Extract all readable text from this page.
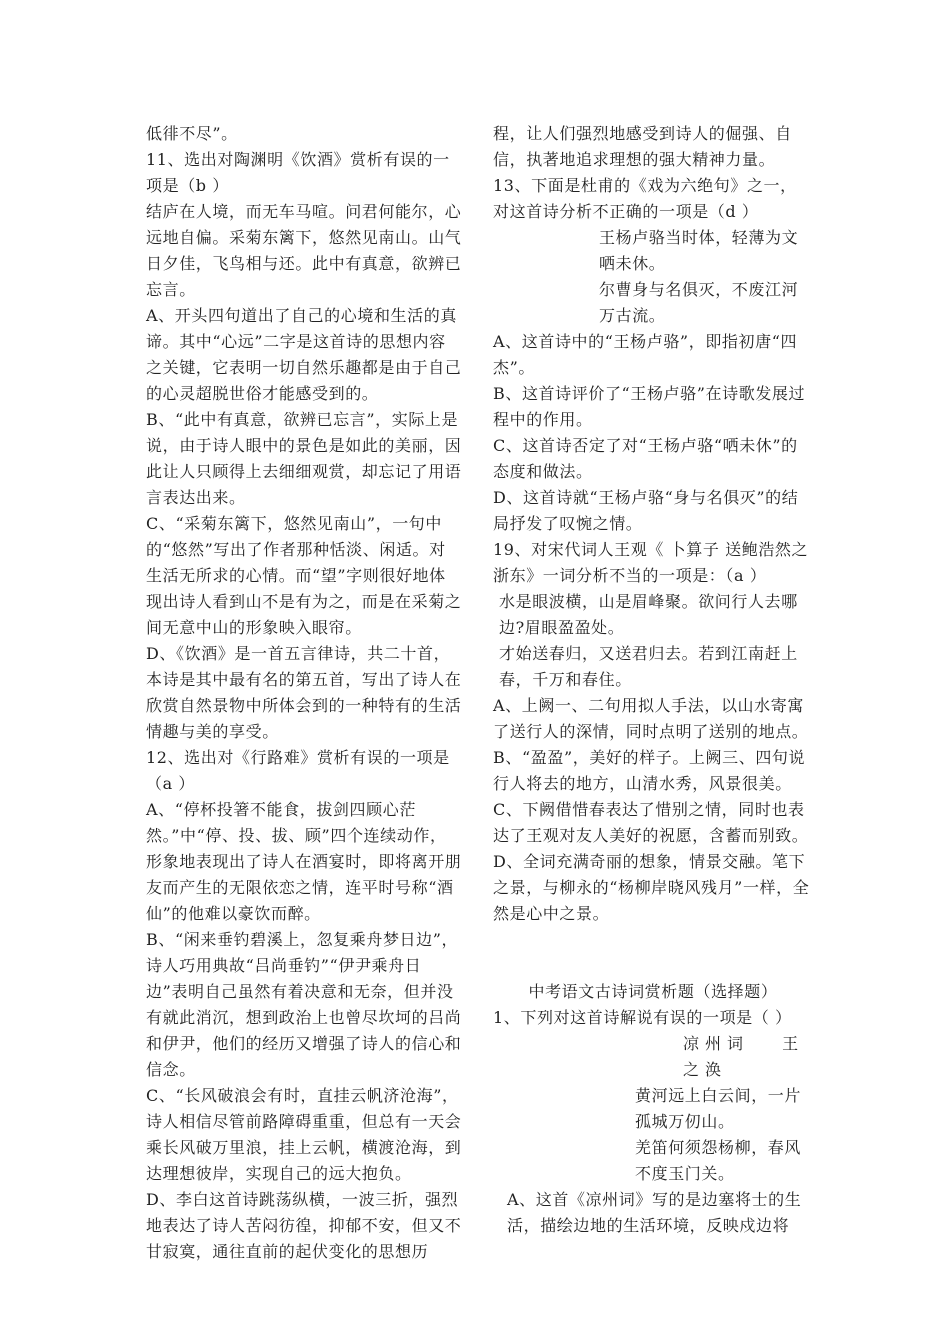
低徘不尽”。

11、选出对陶渊明《饮酒》赏析有误的一项是（b ）

结庐在人境，而无车马喧。问君何能尔，心远地自偏。采菊东篱下，悠然见南山。山气日夕佳，飞鸟相与还。此中有真意，欲辨已忘言。

A、开头四句道出了自己的心境和生活的真谛。其中“心远”二字是这首诗的思想内容之关键，它表明一切自然乐趣都是由于自己的心灵超脱世俗才能感受到的。

B、“此中有真意，欲辨已忘言”，实际上是说，由于诗人眼中的景色是如此的美丽，因此让人只顾得上去细细观赏，却忘记了用语言表达出来。

C、“采菊东篱下，悠然见南山”，一句中的“悠然”写出了作者那种恬淡、闲适。对生活无所求的心情。而“望”字则很好地体现出诗人看到山不是有为之，而是在采菊之间无意中山的形象映入眼帘。

D、《饮酒》是一首五言律诗，共二十首，本诗是其中最有名的第五首，写出了诗人在欣赏自然景物中所体会到的一种特有的生活情趣与美的享受。

12、选出对《行路难》赏析有误的一项是（a ）

A、“停杯投箸不能食，拔剑四顾心茫然。”中“停、投、拔、顾”四个连续动作，形象地表现出了诗人在酒宴时，即将离开朋友而产生的无限依恋之情，连平时号称“酒仙”的他难以豪饮而醉。

B、“闲来垂钓碧溪上，忽复乘舟梦日边”，诗人巧用典故“吕尚垂钓”“伊尹乘舟日边”表明自己虽然有着决意和无奈，但并没有就此消沉，想到政治上也曾尽坎坷的吕尚和伊尹，他们的经历又增强了诗人的信心和信念。

C、“长风破浪会有时，直挂云帆济沧海”，诗人相信尽管前路障碍重重，但总有一天会乘长风破万里浪，挂上云帆，横渡沧海，到达理想彼岸，实现自己的远大抱负。

D、李白这首诗跳荡纵横，一波三折，强烈地表达了诗人苦闷彷徨，抑郁不安，但又不甘寂寞，通往直前的起伏变化的思想历

程，让人们强烈地感受到诗人的倔强、自信，执著地追求理想的强大精神力量。

13、下面是杜甫的《戏为六绝句》之一，对这首诗分析不正确的一项是（d ）

王杨卢骆当时体，轻薄为文哂未休。

尔曹身与名俱灭，不废江河万古流。

A、这首诗中的“王杨卢骆”，即指初唐“四杰”。

B、这首诗评价了“王杨卢骆”在诗歌发展过程中的作用。

C、这首诗否定了对“王杨卢骆“哂未休”的态度和做法。

D、这首诗就“王杨卢骆“身与名俱灭”的结局抒发了叹惋之情。

19、对宋代词人王观《 卜算子 送鲍浩然之浙东》一词分析不当的一项是：（a ）

水是眼波横，山是眉峰聚。欲问行人去哪边?眉眼盈盈处。

才始送春归，又送君归去。若到江南赶上春，千万和春住。

A、上阙一、二句用拟人手法，以山水寄寓了送行人的深情，同时点明了送别的地点。

B、“盈盈”，美好的样子。上阙三、四句说行人将去的地方，山清水秀，风景很美。

C、下阙借惜春表达了惜别之情，同时也表达了王观对友人美好的祝愿，含蓄而别致。

D、全词充满奇丽的想象，情景交融。笔下之景，与柳永的“杨柳岸晓风残月”一样，全然是心中之景。

中考语文古诗词赏析题（选择题）

1、下列对这首诗解说有误的一项是（ ）

凉州词　 王之涣

黄河远上白云间，一片孤城万仞山。

羌笛何须怨杨柳，春风不度玉门关。

A、这首《凉州词》写的是边塞将士的生活，描绘边地的生活环境，反映戍边将
